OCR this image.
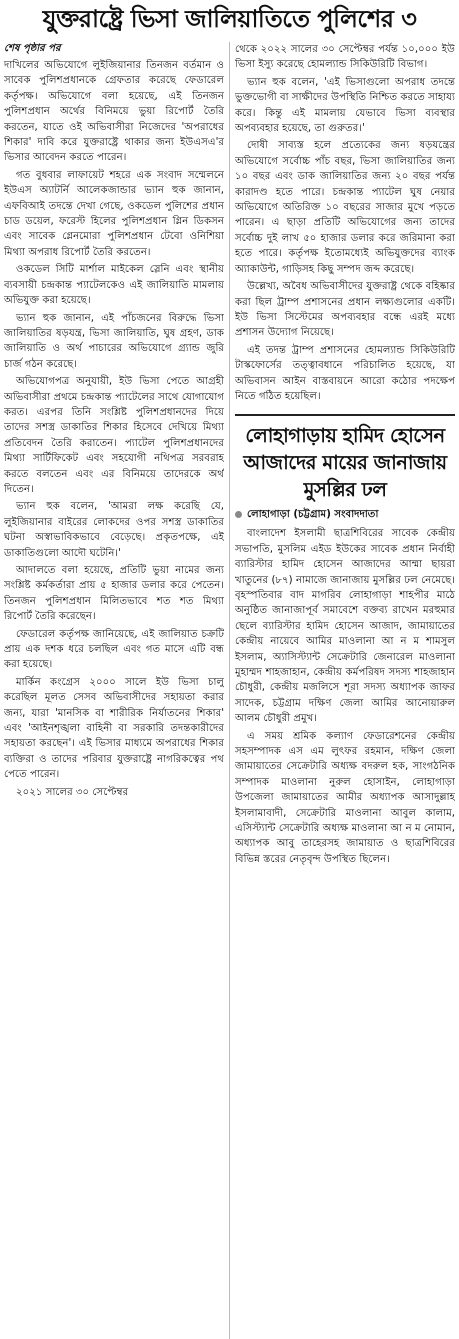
যুক্তরাষ্ট্রে ভিসা জালিয়াতিতে পুলিশের ৩
শেষ পৃষ্ঠার পর

দাখিলের অভিযোগে লুইজিয়ানার তিনজন বর্তমান ও সাবেক পুলিশপ্রধানকে গ্রেফতার করেছে ফেডারেল কর্তৃপক্ষ। অভিযোগে বলা হয়েছে, এই তিনজন পুলিশপ্রধান অর্থের বিনিময়ে ভুয়া রিপোর্ট তৈরি করতেন, যাতে ওই অভিবাসীরা নিজেদের 'অপরাধের শিকার' দাবি করে যুক্তরাষ্ট্রে থাকার জন্য ইউএসএ'র ভিসার আবেদন করতে পারেন।

গত বুধবার লাফায়েট শহরে এক সংবাদ সম্মেলনে ইউএস অ্যাটর্নি আলেকজান্ডার ভ্যান হুক জানান, এফবিআই তদন্তে দেখা গেছে, ওকডেল পুলিশের প্রধান চাড ডয়েল, ফরেস্ট হিলের পুলিশপ্রধান গ্লিন ডিকসন এবং সাবেক গ্লেনমোরা পুলিশপ্রধান টেবো ওনিশিয়া মিথ্যা অপরাধ রিপোর্ট তৈরি করতেন।

ওকডেল সিটি মার্শাল মাইকেল স্লেনি এবং স্থানীয় ব্যবসায়ী চন্দ্রকান্ত প্যাটেলকেও এই জালিয়াতি মামলায় অভিযুক্ত করা হয়েছে।

ভ্যান হুক জানান, এই পাঁচজনের বিরুদ্ধে ভিসা জালিয়াতির ষড়যন্ত্র, ভিসা জালিয়াতি, ঘুষ গ্রহণ, ডাক জালিয়াতি ও অর্থ পাচারের অভিযোগে গ্র্যান্ড জুরি চার্জ গঠন করেছে।

অভিযোগপত্র অনুযায়ী, ইউ ভিসা পেতে আগ্রহী অভিবাসীরা প্রথমে চন্দ্রকান্ত প্যাটেলের সাথে যোগাযোগ করত। এরপর তিনি সংশ্লিষ্ট পুলিশপ্রধানদের দিয়ে তাদের সশস্ত্র ডাকাতির শিকার হিসেবে দেখিয়ে মিথ্যা প্রতিবেদন তৈরি করাতেন। প্যাটেল পুলিশপ্রধানদের মিথ্যা সার্টিফিকেট এবং সহযোগী নথিপত্র সরবরাহ করতে বলতেন এবং এর বিনিময়ে তাদেরকে অর্থ দিতেন।

ভ্যান হুক বলেন, 'আমরা লক্ষ করেছি যে, লুইজিয়ানার বাইরের লোকদের ওপর সশস্ত্র ডাকাতির ঘটনা অস্বাভাবিকভাবে বেড়েছে। প্রকৃতপক্ষে, এই ডাকাতিগুলো আদৌ ঘটেনি।'

আদালতে বলা হয়েছে, প্রতিটি ভুয়া নামের জন্য সংশ্লিষ্ট কর্মকর্তারা প্রায় ৫ হাজার ডলার করে পেতেন। তিনজন পুলিশপ্রধান মিলিতভাবে শত শত মিথ্যা রিপোর্ট তৈরি করেছেন।

ফেডারেল কর্তৃপক্ষ জানিয়েছে, এই জালিয়াত চক্রটি প্রায় এক দশক ধরে চলছিল এবং গত মাসে এটি বন্ধ করা হয়েছে।

মার্কিন কংগ্রেস ২০০০ সালে ইউ ভিসা চালু করেছিল মূলত সেসব অভিবাসীদের সহায়তা করার জন্য, যারা 'মানসিক বা শারীরিক নির্যাতনের শিকার' এবং 'আইনশৃঙ্খলা বাহিনী বা সরকারি তদন্তকারীদের সহায়তা করছেন'। এই ভিসার মাধ্যমে অপরাধের শিকার ব্যক্তিরা ও তাদের পরিবার যুক্তরাষ্ট্রে নাগরিকত্বের পথ পেতে পারেন।

২০২১ সালের ৩০ সেপ্টেম্বর

থেকে ২০২২ সালের ৩০ সেপ্টেম্বর পর্যন্ত ১০,০০০ ইউ ভিসা ইস্যু করেছে হোমল্যান্ড সিকিউরিটি বিভাগ।

ভ্যান হুক বলেন, 'এই ভিসাগুলো অপরাধ তদন্তে ভুক্তভোগী বা সাক্ষীদের উপস্থিতি নিশ্চিত করতে সাহায্য করে। কিন্তু এই মামলায় যেভাবে ভিসা ব্যবস্থার অপব্যবহার হয়েছে, তা গুরুতর।'

দোষী সাব্যস্ত হলে প্রত্যেকের জন্য ষড়যন্ত্রের অভিযোগে সর্বোচ্চ পাঁচ বছর, ভিসা জালিয়াতির জন্য ১০ বছর এবং ডাক জালিয়াতির জন্য ২০ বছর পর্যন্ত কারাদণ্ড হতে পারে। চন্দ্রকান্ত প্যাটেল ঘুষ নেয়ার অভিযোগে অতিরিক্ত ১০ বছরের সাজার মুখে পড়তে পারেন। এ ছাড়া প্রতিটি অভিযোগের জন্য তাদের সর্বোচ্চ দুই লাখ ৫০ হাজার ডলার করে জরিমানা করা হতে পারে। কর্তৃপক্ষ ইতোমধ্যেই অভিযুক্তদের ব্যাংক অ্যাকাউন্ট, গাড়িসহ কিছু সম্পদ জব্দ করেছে।

উল্লেখ্য, অবৈধ অভিবাসীদের যুক্তরাষ্ট্র থেকে বহিষ্কার করা ছিল ট্রাম্প প্রশাসনের প্রধান লক্ষ্যগুলোর একটি। ইউ ভিসা সিস্টেমের অপব্যবহার বন্ধে এরই মধ্যে প্রশাসন উদ্যোগ নিয়েছে।

এই তদন্ত ট্রাম্প প্রশাসনের হোমল্যান্ড সিকিউরিটি টাস্কফোর্সের তত্ত্বাবধানে পরিচালিত হয়েছে, যা অভিবাসন আইন বাস্তবায়নে আরো কঠোর পদক্ষেপ নিতে গঠিত হয়েছিল।

লোহাগাড়ায় হামিদ হোসেন আজাদের মায়ের জানাজায় মুসল্লির ঢল
লোহাগাড়া (চট্টগ্রাম) সংবাদদাতা

বাংলাদেশ ইসলামী ছাত্রশিবিরের সাবেক কেন্দ্রীয় সভাপতি, মুসলিম এইড ইউকের সাবেক প্রধান নির্বাহী ব্যারিস্টার হামিদ হোসেন আজাদের আম্মা ছায়রা খাতুনের (৮৭) নামাজে জানাজায় মুসল্লির ঢল নেমেছে। বৃহস্পতিবার বাদ মাগরিব লোহাগাড়া শাহপীর মাঠে অনুষ্ঠিত জানাজাপূর্ব সমাবেশে বক্তব্য রাখেন মরহুমার ছেলে ব্যারিস্টার হামিদ হোসেন আজাদ, জামায়াতের কেন্দ্রীয় নায়েবে আমির মাওলানা আ ন ম শামসুল ইসলাম, অ্যাসিস্ট্যান্ট সেক্রেটারি জেনারেল মাওলানা মুহাম্মদ শাহজাহান, কেন্দ্রীয় কর্মপরিষদ সদস্য শাহজাহান চৌধুরী, কেন্দ্রীয় মজলিসে শূরা সদস্য অধ্যাপক জাফর সাদেক, চট্টগ্রাম দক্ষিণ জেলা আমির আনোয়ারুল আলম চৌধুরী প্রমুখ।

এ সময় শ্রমিক কল্যাণ ফেডারেশনের কেন্দ্রীয় সহসম্পাদক এস এম লুৎফর রহমান, দক্ষিণ জেলা জামায়াতের সেক্রেটারি অধ্যক্ষ বদরুল হক, সাংগঠনিক সম্পাদক মাওলানা নুরুল হোসাইন, লোহাগাড়া উপজেলা জামায়াতের আমীর অধ্যাপক আসাদুল্লাহ ইসলামাবাদী, সেক্রেটারি মাওলানা আবুল কালাম, এসিস্ট্যান্ট সেক্রেটারি অধ্যক্ষ মাওলানা আ ন ম নোমান, অধ্যাপক আবু তাহেরসহ জামায়াত ও ছাত্রশিবিরের বিভিন্ন স্তরের নেতৃবৃন্দ উপস্থিত ছিলেন।
